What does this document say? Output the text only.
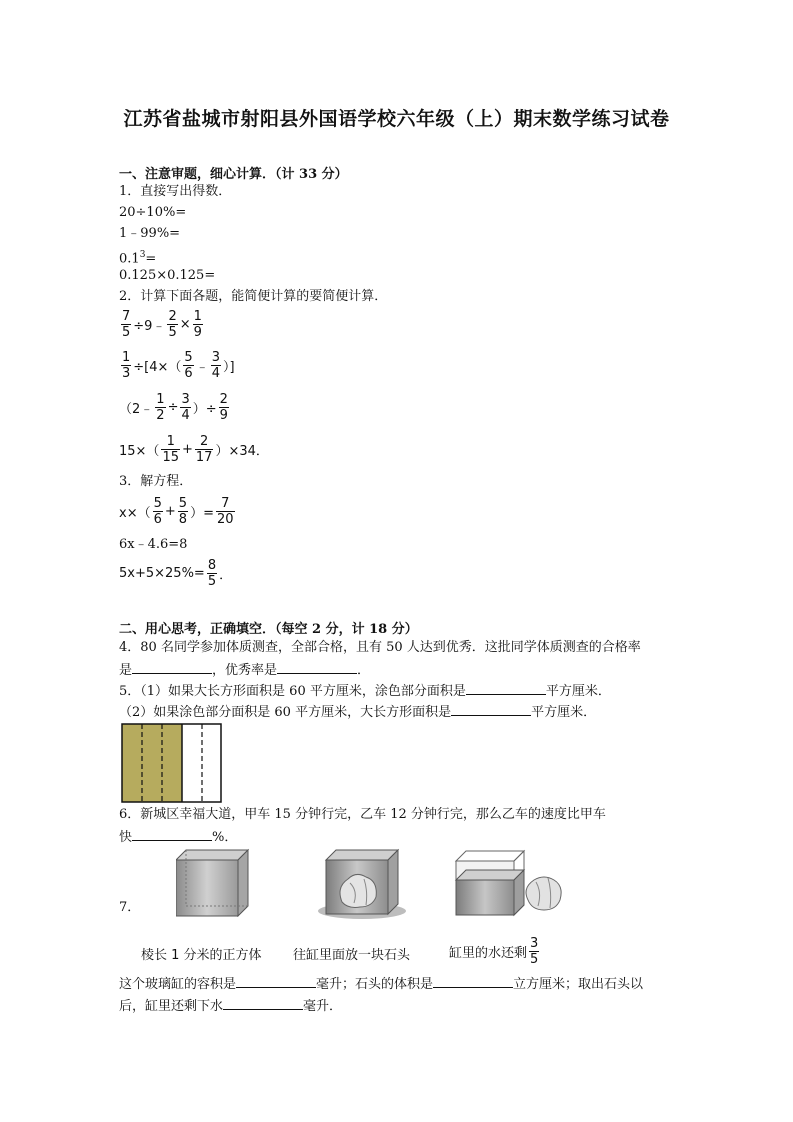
江苏省盐城市射阳县外国语学校六年级（上）期末数学练习试卷
一、注意审题，细心计算．（计 33 分）
1．直接写出得数．
20÷10%=
1﹣99%=
$0.1^3=$
0.125×0.125=
2．计算下面各题，能简便计算的要简便计算．
$\frac{7}{5}$ ÷9﹣ $\frac{2}{5} \times \frac{1}{9}$
$\frac{1}{3} \div[4\times( \frac{5}{6}$ ﹣ $\frac{3}{4}$ ）]
（2﹣ $\frac{1}{2} \div \frac{3}{4}$ ）÷ $\frac{2}{9}$
$15\times( \frac{1}{15} + \frac{2}{17} )\times 34$．
3．解方程．
$x\times( \frac{5}{6} + \frac{5}{8}$ ）= $\frac{7}{20}$
6x﹣4.6=8
$5x+5\times 25\%= \frac{8}{5}$ ．
二、用心思考，正确填空．（每空 2 分，计 18 分）
4．80 名同学参加体质测查，全部合格，且有 50 人达到优秀．这批同学体质测查的合格率
是	，优秀率是	．
5．（1）如果大长方形面积是 60 平方厘米，涂色部分面积是	平方厘米．
（2）如果涂色部分面积是 60 平方厘米，大长方形面积是	平方厘米．
6．新城区幸福大道，甲车 15 分钟行完，乙车 12 分钟行完，那么乙车的速度比甲车
快	%．
7．
棱长 1 分米的正方体 往缸里面放一块石头	缸里的水还剩 $\frac{3}{5}$
这个玻璃缸的容积是	毫升；石头的体积是	立方厘米；取出石头以
后，缸里还剩下水	毫升．
